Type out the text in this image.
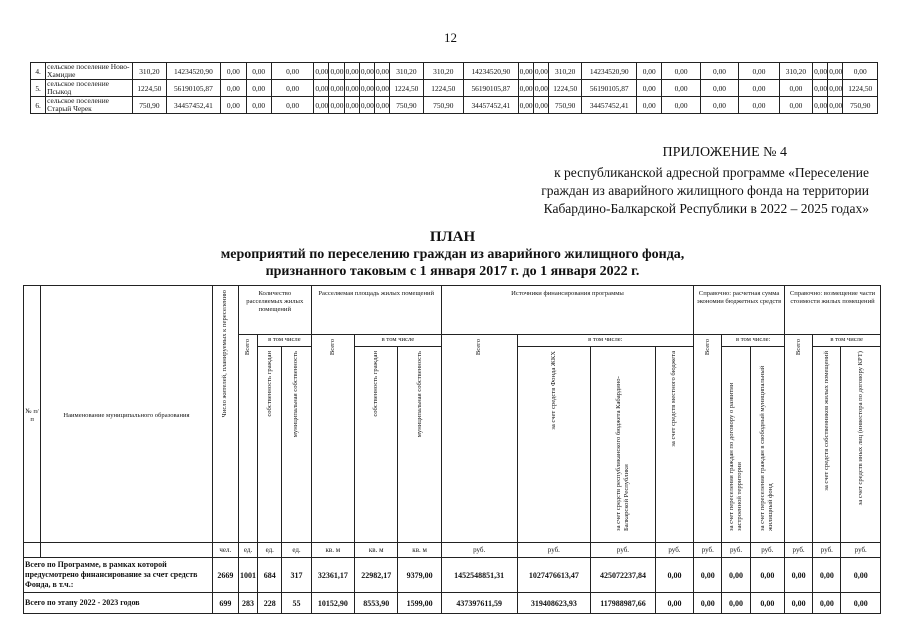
12
4.	сельское поселение Ново-Хамидие	310,20	14234520,90	0,00	0,00	0,00	0,00	0,00	0,00	0,00	0,00	310,20	310,20	14234520,90	0,00	0,00	310,20	14234520,90	0,00	0,00	0,00	0,00	310,20	0,00	0,00	0,00
5.	сельское поселение Псыкод	1224,50	56190105,87	0,00	0,00	0,00	0,00	0,00	0,00	0,00	0,00	1224,50	1224,50	56190105,87	0,00	0,00	1224,50	56190105,87	0,00	0,00	0,00	0,00	0,00	0,00	0,00	1224,50
6.	сельское поселение Старый Черек	750,90	34457452,41	0,00	0,00	0,00	0,00	0,00	0,00	0,00	0,00	750,90	750,90	34457452,41	0,00	0,00	750,90	34457452,41	0,00	0,00	0,00	0,00	0,00	0,00	0,00	750,90
ПРИЛОЖЕНИЕ № 4
к республиканской адресной программе «Переселение
граждан из аварийного жилищного фонда на территории
Кабардино-Балкарской Республики в 2022 – 2025 годах»
ПЛАН
мероприятий по переселению граждан из аварийного жилищного фонда,
признанного таковым с 1 января 2017 г. до 1 января 2022 г.
№ п/п	Наименование муниципального образования	Число жителей, планируемых к переселению	Количество расселяемых жилых помещений			Расселяемая площадь жилых помещений			Источники финансирования программы				Справочно: расчетная сумма экономии бюджетных средств			Справочно: возмещение части стоимости жилых помещений		
			Всего	в том числе		Всего	в том числе		Всего	в том числе:			Всего	в том числе:		Всего	в том числе	
				собственность граждан	муниципальная собственность		собственность граждан	муниципальная собственность		за счет средств Фонда ЖКХ	за счет средств республиканского бюджета Кабардино-Балкарской Республики	за счет средств местного бюджета		за счет переселения граждан по договору о развитии застроенной территории	за счет переселения граждан в свободный муниципальный жилищный фонд		за счет средств собственников жилых помещений	за счет средств иных лиц (инвестора по договору КРТ)
		чел.	ед.	ед.	ед.	кв. м	кв. м	кв. м	руб.	руб.	руб.	руб.	руб.	руб.	руб.	руб.	руб.	руб.
Всего по Программе, в рамках которой предусмотрено финансирование за счет средств Фонда, в т.ч.:		2669	1001	684	317	32361,17	22982,17	9379,00	1452548851,31	1027476613,47	425072237,84	0,00	0,00	0,00	0,00	0,00	0,00	0,00
Всего по этапу 2022 - 2023 годов		699	283	228	55	10152,90	8553,90	1599,00	437397611,59	319408623,93	117988987,66	0,00	0,00	0,00	0,00	0,00	0,00	0,00
